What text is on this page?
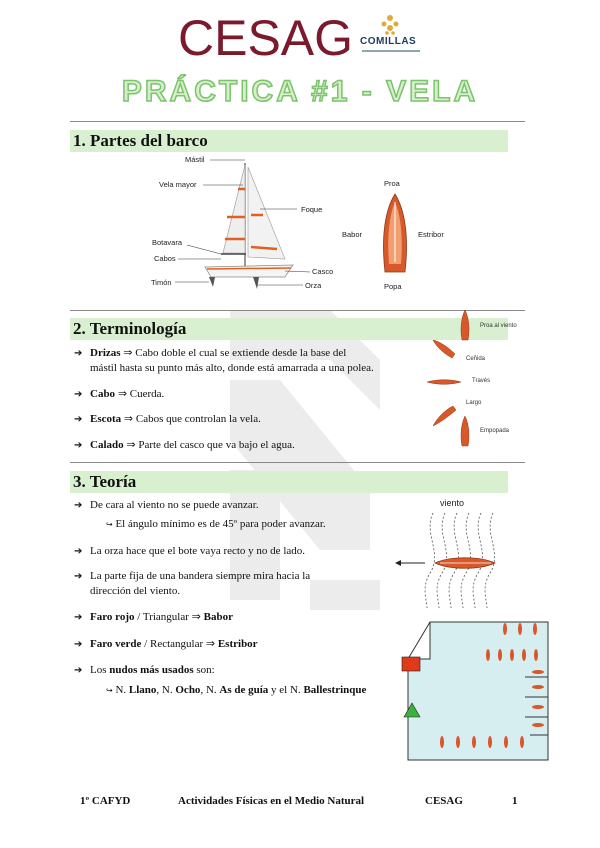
CESAG COMILLAS
PRÁCTICA #1 - VELA
1. Partes del barco
Mástil
Vela mayor
Foque
Botavara
Cabos
Casco
Timón	Orza
Proa
Babor	Estribor
Popa
2. Terminología
➔ Drizas ⇒ Cabo doble el cual se extiende desde la base del
mástil hasta su punto más alto, donde está amarrada a una polea.
➔ Cabo ⇒ Cuerda.
➔ Escota ⇒ Cabos que controlan la vela.
➔ Calado ⇒ Parte del casco que va bajo el agua.
Proa al viento
Ceñida
Través
Largo
Empopada
3. Teoría
➔ De cara al viento no se puede avanzar.
↪ El ángulo mínimo es de 45º para poder avanzar.
➔ La orza hace que el bote vaya recto y no de lado.
➔ La parte fija de una bandera siempre mira hacia la
dirección del viento.
➔ Faro rojo / Triangular ⇒ Babor
➔ Faro verde / Rectangular ⇒ Estribor
➔ Los nudos más usados son:
↪ N. Llano, N. Ocho, N. As de guía y el N. Ballestrinque
viento
1º CAFYD	Actividades Físicas en el Medio Natural	CESAG	1
